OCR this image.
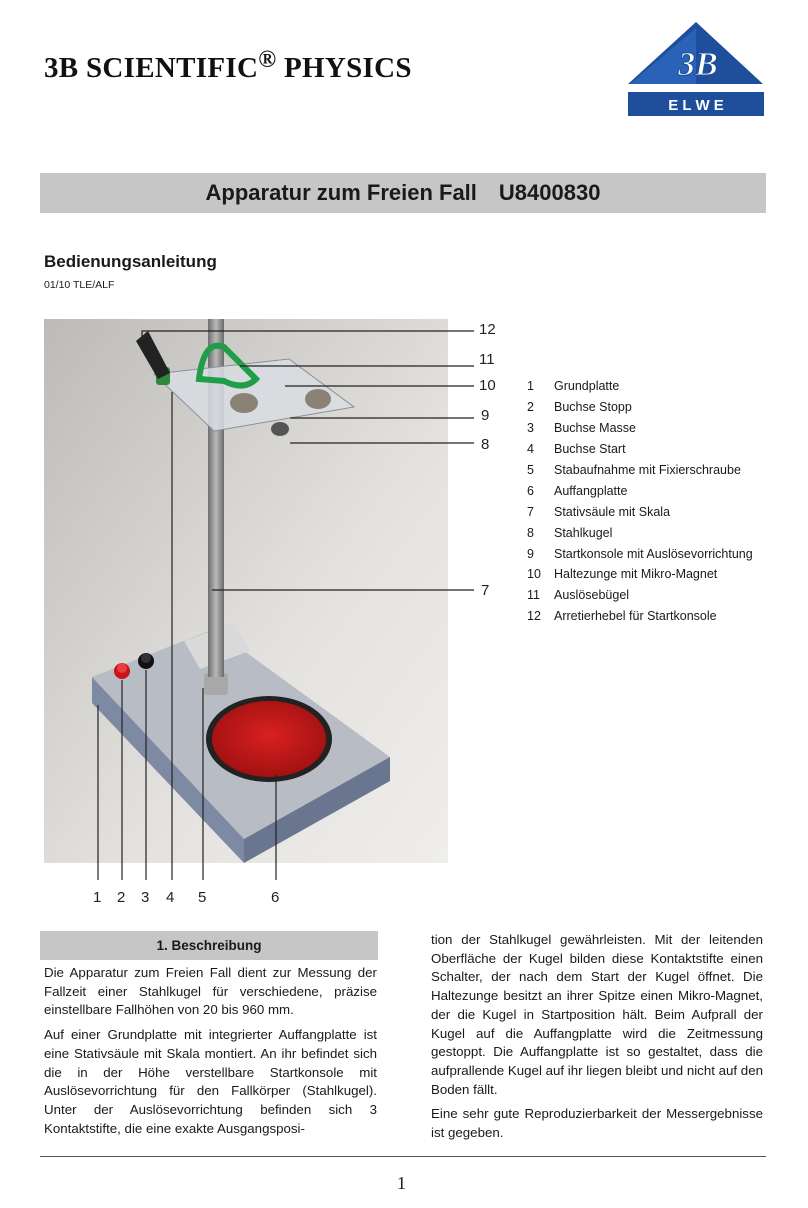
3B SCIENTIFIC® PHYSICS	3B
E L W E
Apparatur zum Freien Fall U8400830
Bedienungsanleitung
01/10 TLE/ALF
12
11
10
9
8
7
1 2 3 4 5	6
1	Grundplatte
2	Buchse Stopp
3	Buchse Masse
4	Buchse Start
5	Stabaufnahme mit Fixierschraube
6	Auffangplatte
7	Stativsäule mit Skala
8	Stahlkugel
9	Startkonsole mit Auslösevorrichtung
10	Haltezunge mit Mikro-Magnet
11	Auslösebügel
12	Arretierhebel für Startkonsole
1. Beschreibung

Die Apparatur zum Freien Fall dient zur Messung der Fallzeit einer Stahlkugel für verschiedene, präzise einstellbare Fallhöhen von 20 bis 960 mm.

Auf einer Grundplatte mit integrierter Auffangplatte ist eine Stativsäule mit Skala montiert. An ihr befindet sich die in der Höhe verstellbare Startkonsole mit Auslösevorrichtung für den Fallkörper (Stahlkugel). Unter der Auslösevorrichtung befinden sich 3 Kontaktstifte, die eine exakte Ausgangsposi-

tion der Stahlkugel gewährleisten. Mit der leitenden Oberfläche der Kugel bilden diese Kontaktstifte einen Schalter, der nach dem Start der Kugel öffnet. Die Haltezunge besitzt an ihrer Spitze einen Mikro-Magnet, der die Kugel in Startposition hält. Beim Aufprall der Kugel auf die Auffangplatte wird die Zeitmessung gestoppt. Die Auffangplatte ist so gestaltet, dass die aufprallende Kugel auf ihr liegen bleibt und nicht auf den Boden fällt.

Eine sehr gute Reproduzierbarkeit der Messergebnisse ist gegeben.

1
